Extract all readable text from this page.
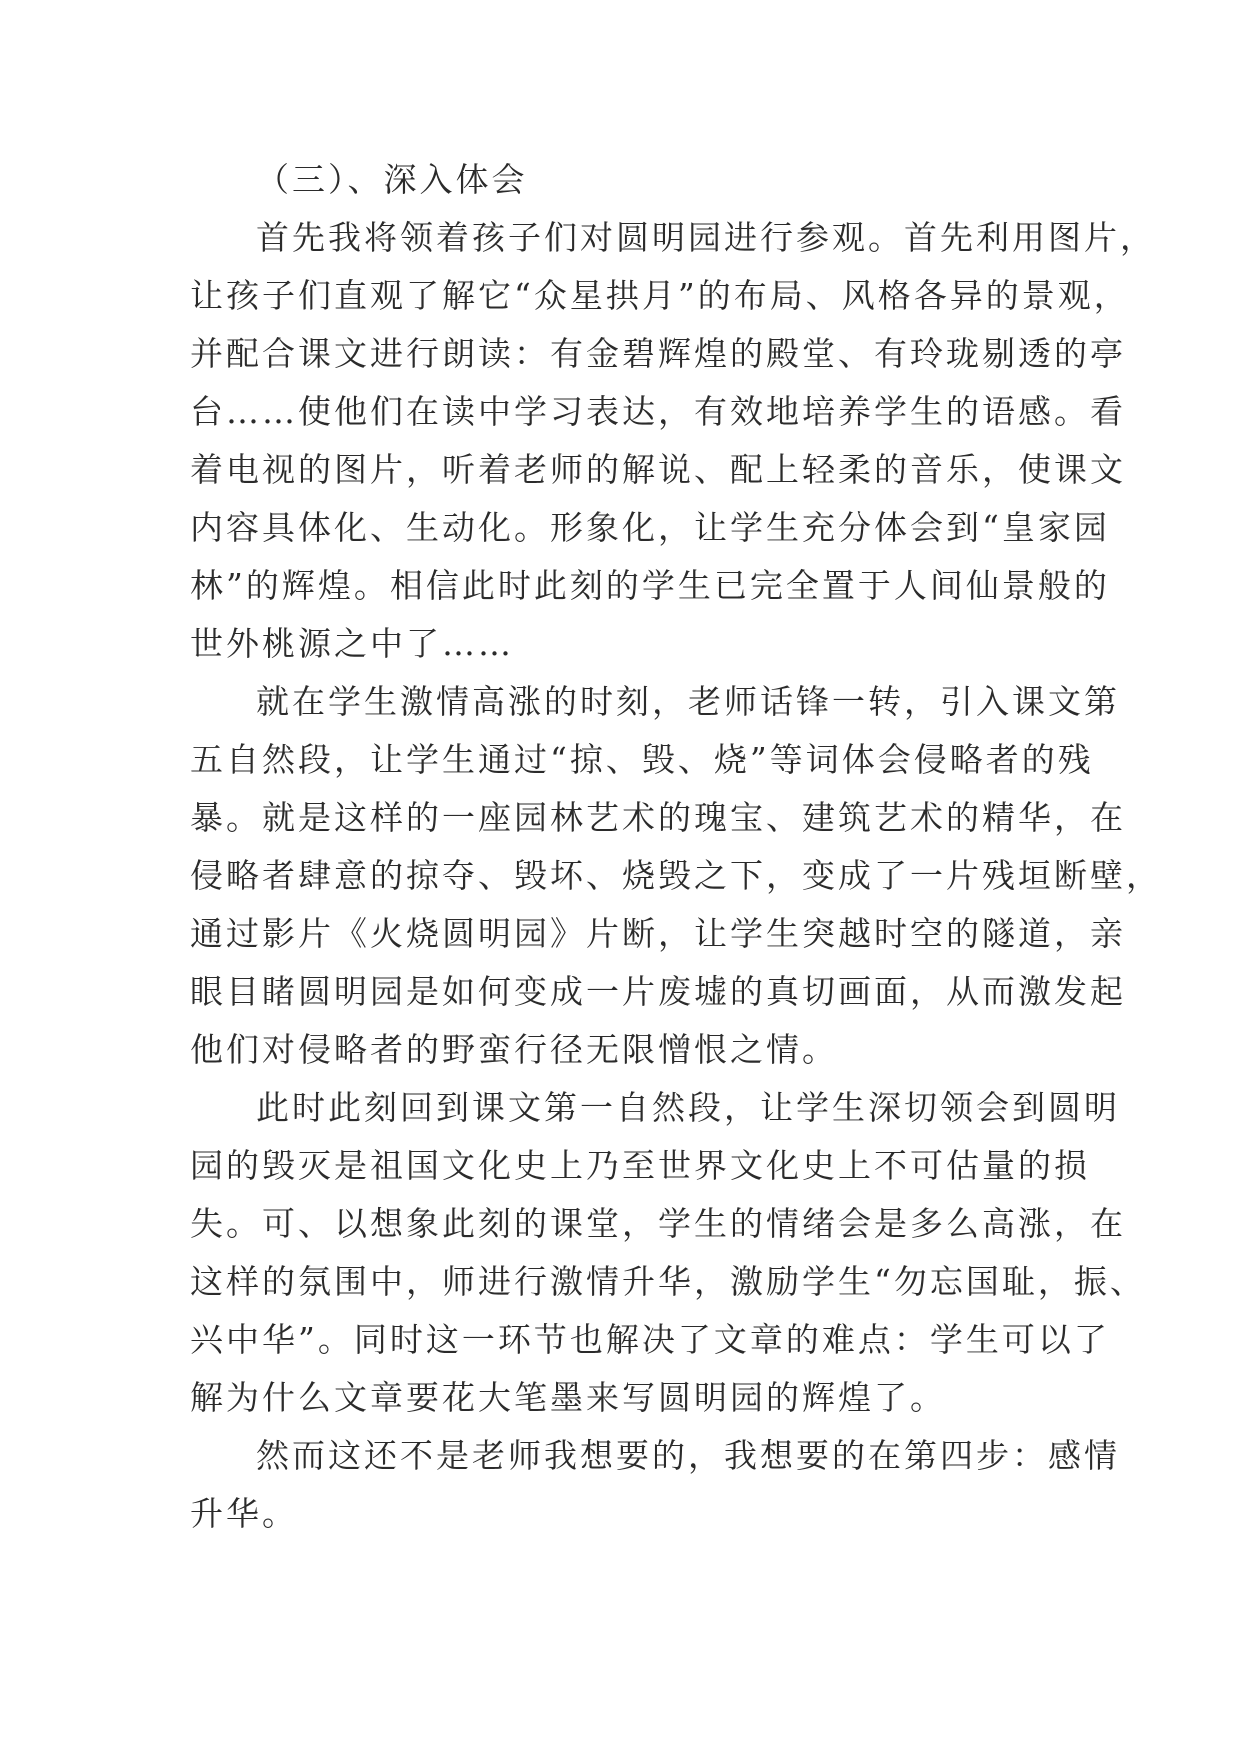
（三）、深入体会
首先我将领着孩子们对圆明园进行参观。首先利用图片，
让孩子们直观了解它“众星拱月”的布局、风格各异的景观，
并配合课文进行朗读：有金碧辉煌的殿堂、有玲珑剔透的亭
台……使他们在读中学习表达，有效地培养学生的语感。看
着电视的图片，听着老师的解说、配上轻柔的音乐，使课文
内容具体化、生动化。形象化，让学生充分体会到“皇家园
林”的辉煌。相信此时此刻的学生已完全置于人间仙景般的
世外桃源之中了……
就在学生激情高涨的时刻，老师话锋一转，引入课文第
五自然段，让学生通过“掠、毁、烧”等词体会侵略者的残
暴。就是这样的一座园林艺术的瑰宝、建筑艺术的精华，在
侵略者肆意的掠夺、毁坏、烧毁之下，变成了一片残垣断壁，
通过影片《火烧圆明园》片断，让学生突越时空的隧道，亲
眼目睹圆明园是如何变成一片废墟的真切画面，从而激发起
他们对侵略者的野蛮行径无限憎恨之情。
此时此刻回到课文第一自然段，让学生深切领会到圆明
园的毁灭是祖国文化史上乃至世界文化史上不可估量的损
失。可、以想象此刻的课堂，学生的情绪会是多么高涨，在
这样的氛围中，师进行激情升华，激励学生“勿忘国耻，振、
兴中华”。同时这一环节也解决了文章的难点：学生可以了
解为什么文章要花大笔墨来写圆明园的辉煌了。
然而这还不是老师我想要的，我想要的在第四步：感情
升华。
